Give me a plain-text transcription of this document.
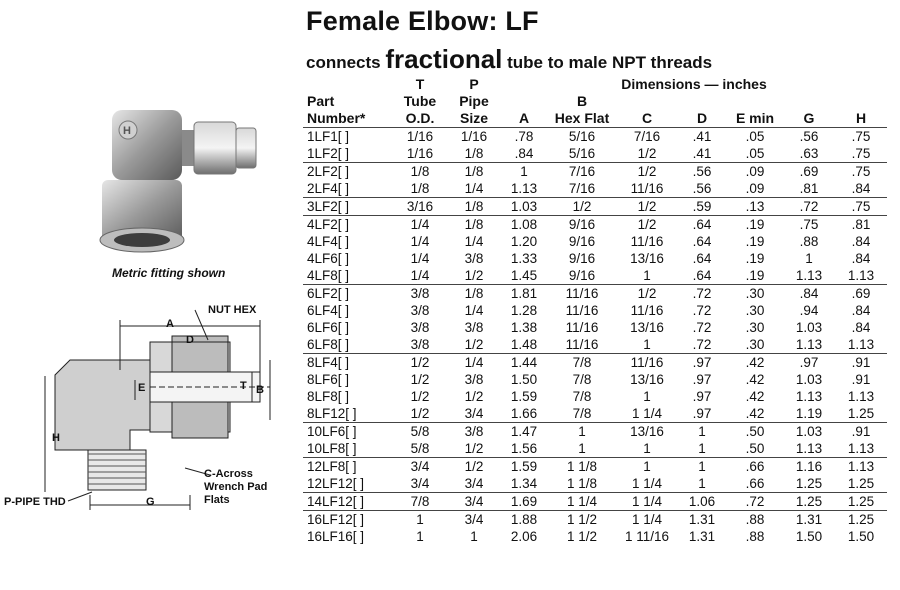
Female Elbow: LF
connects fractional tube to male NPT threads
H
Metric fitting shown
NUT HEX
A
D
E	T B
H
G
P-PIPE THD
C-Across
Wrench Pad
Flats
	T	P	Dimensions — inches						
Part	Tube	Pipe		B					
Number*	O.D.	Size	A	Hex Flat	C	D	E min	G	H
1LF1[ ]	1/16	1/16	.78	5/16	7/16	.41	.05	.56	.75
1LF2[ ]	1/16	1/8	.84	5/16	1/2	.41	.05	.63	.75
2LF2[ ]	1/8	1/8	1	7/16	1/2	.56	.09	.69	.75
2LF4[ ]	1/8	1/4	1.13	7/16	11/16	.56	.09	.81	.84
3LF2[ ]	3/16	1/8	1.03	1/2	1/2	.59	.13	.72	.75
4LF2[ ]	1/4	1/8	1.08	9/16	1/2	.64	.19	.75	.81
4LF4[ ]	1/4	1/4	1.20	9/16	11/16	.64	.19	.88	.84
4LF6[ ]	1/4	3/8	1.33	9/16	13/16	.64	.19	1	.84
4LF8[ ]	1/4	1/2	1.45	9/16	1	.64	.19	1.13	1.13
6LF2[ ]	3/8	1/8	1.81	11/16	1/2	.72	.30	.84	.69
6LF4[ ]	3/8	1/4	1.28	11/16	11/16	.72	.30	.94	.84
6LF6[ ]	3/8	3/8	1.38	11/16	13/16	.72	.30	1.03	.84
6LF8[ ]	3/8	1/2	1.48	11/16	1	.72	.30	1.13	1.13
8LF4[ ]	1/2	1/4	1.44	7/8	11/16	.97	.42	.97	.91
8LF6[ ]	1/2	3/8	1.50	7/8	13/16	.97	.42	1.03	.91
8LF8[ ]	1/2	1/2	1.59	7/8	1	.97	.42	1.13	1.13
8LF12[ ]	1/2	3/4	1.66	7/8	1 1/4	.97	.42	1.19	1.25
10LF6[ ]	5/8	3/8	1.47	1	13/16	1	.50	1.03	.91
10LF8[ ]	5/8	1/2	1.56	1	1	1	.50	1.13	1.13
12LF8[ ]	3/4	1/2	1.59	1 1/8	1	1	.66	1.16	1.13
12LF12[ ]	3/4	3/4	1.34	1 1/8	1 1/4	1	.66	1.25	1.25
14LF12[ ]	7/8	3/4	1.69	1 1/4	1 1/4	1.06	.72	1.25	1.25
16LF12[ ]	1	3/4	1.88	1 1/2	1 1/4	1.31	.88	1.31	1.25
16LF16[ ]	1	1	2.06	1 1/2	1 11/16	1.31	.88	1.50	1.50
